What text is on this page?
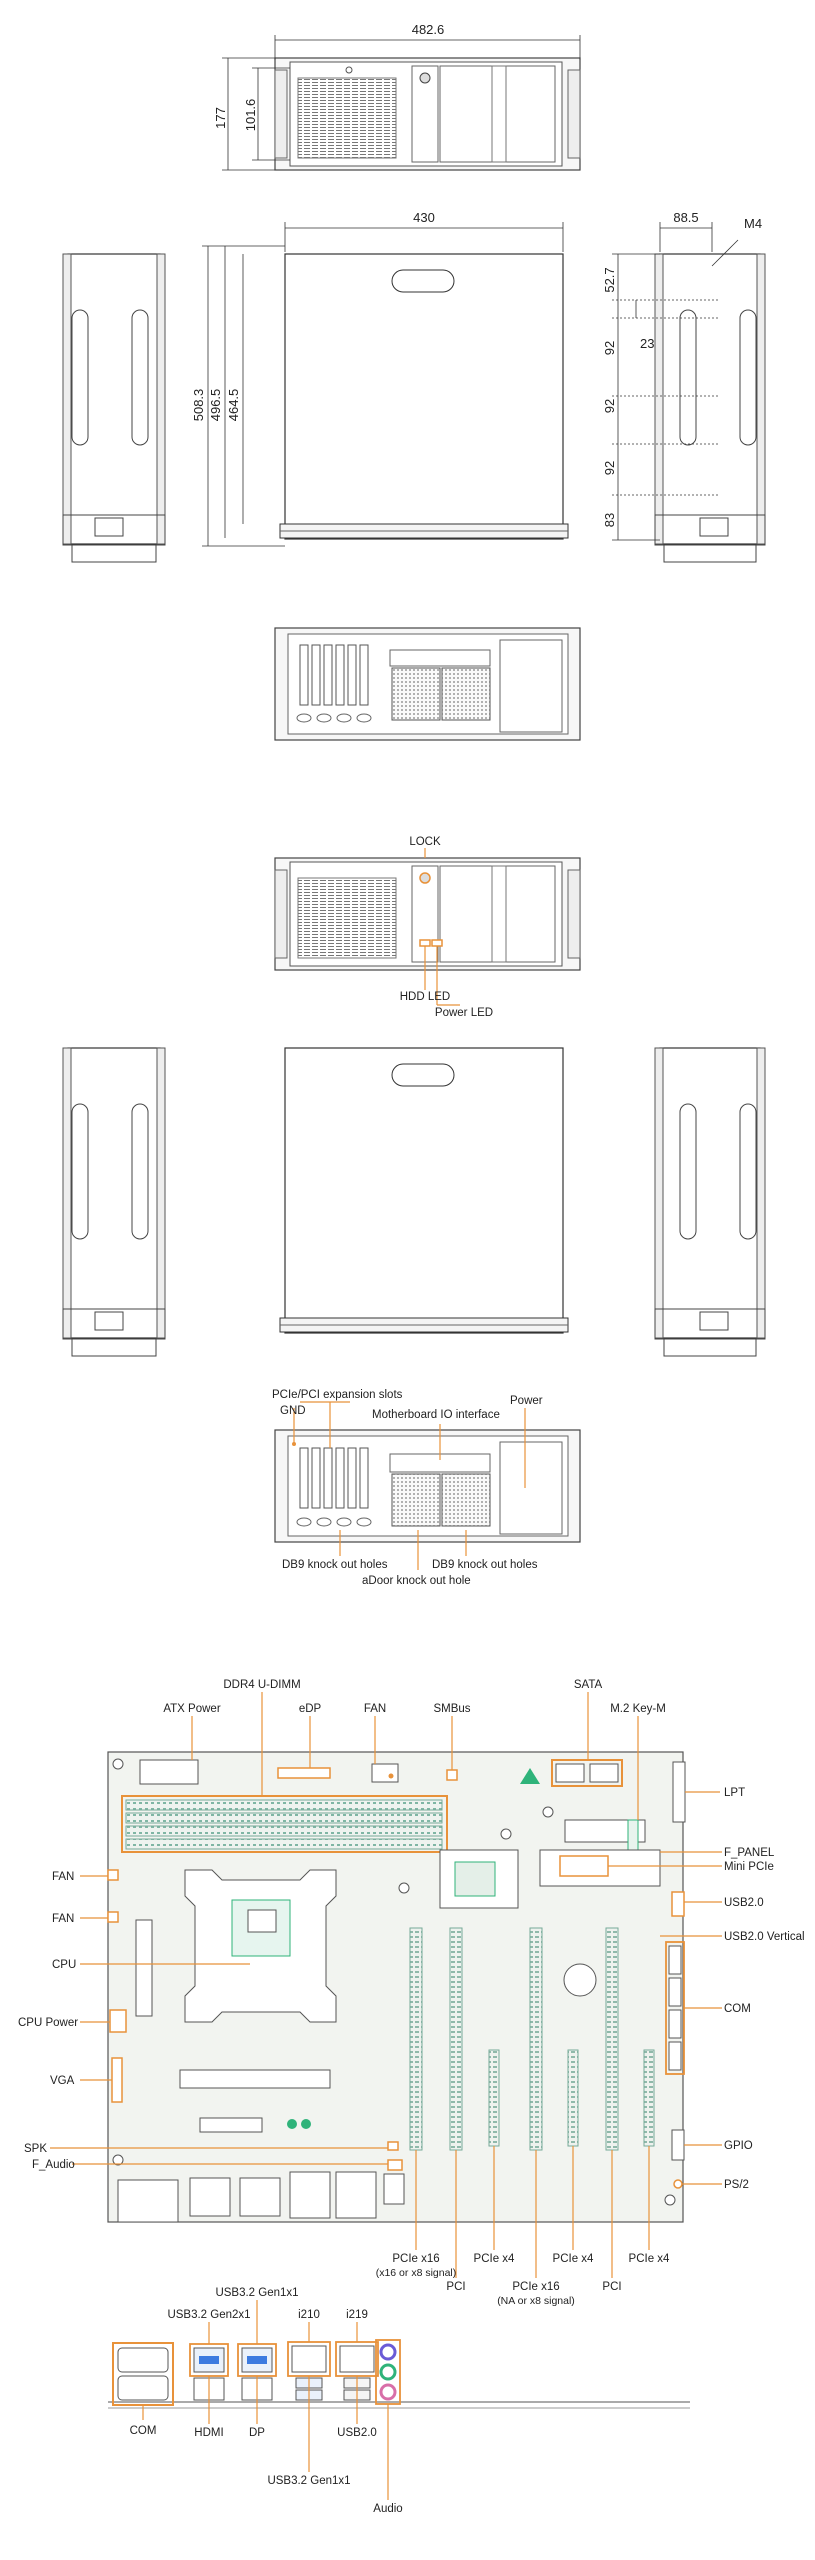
482.6
177 101.6
430
508.3 496.5 464.5
88.5	M4
52.7
23
92
92
92
83
LOCK
HDD LED
Power LED
PCIe/PCI expansion slots
GND	Motherboard IO interface
Power
DB9 knock out holes	DB9 knock out holes
aDoor knock out hole
DDR4 U-DIMM
ATX Power	eDP	FAN	SMBus
SATA
M.2 Key-M
LPT
F_PANEL
Mini PCIe
USB2.0
USB2.0 Vertical
COM
GPIO
PS/2
FAN
FAN
CPU
CPU Power
VGA
SPK
F_Audio
PCIe x16
(x16 or x8 signal)
PCI
PCIe x4	PCIe x4
PCIe x16
(NA or x8 signal)
PCI
PCIe x4
USB3.2 Gen1x1
USB3.2 Gen2x1	i210 i219
COM	HDMI DP	USB2.0
USB3.2 Gen1x1
Audio
